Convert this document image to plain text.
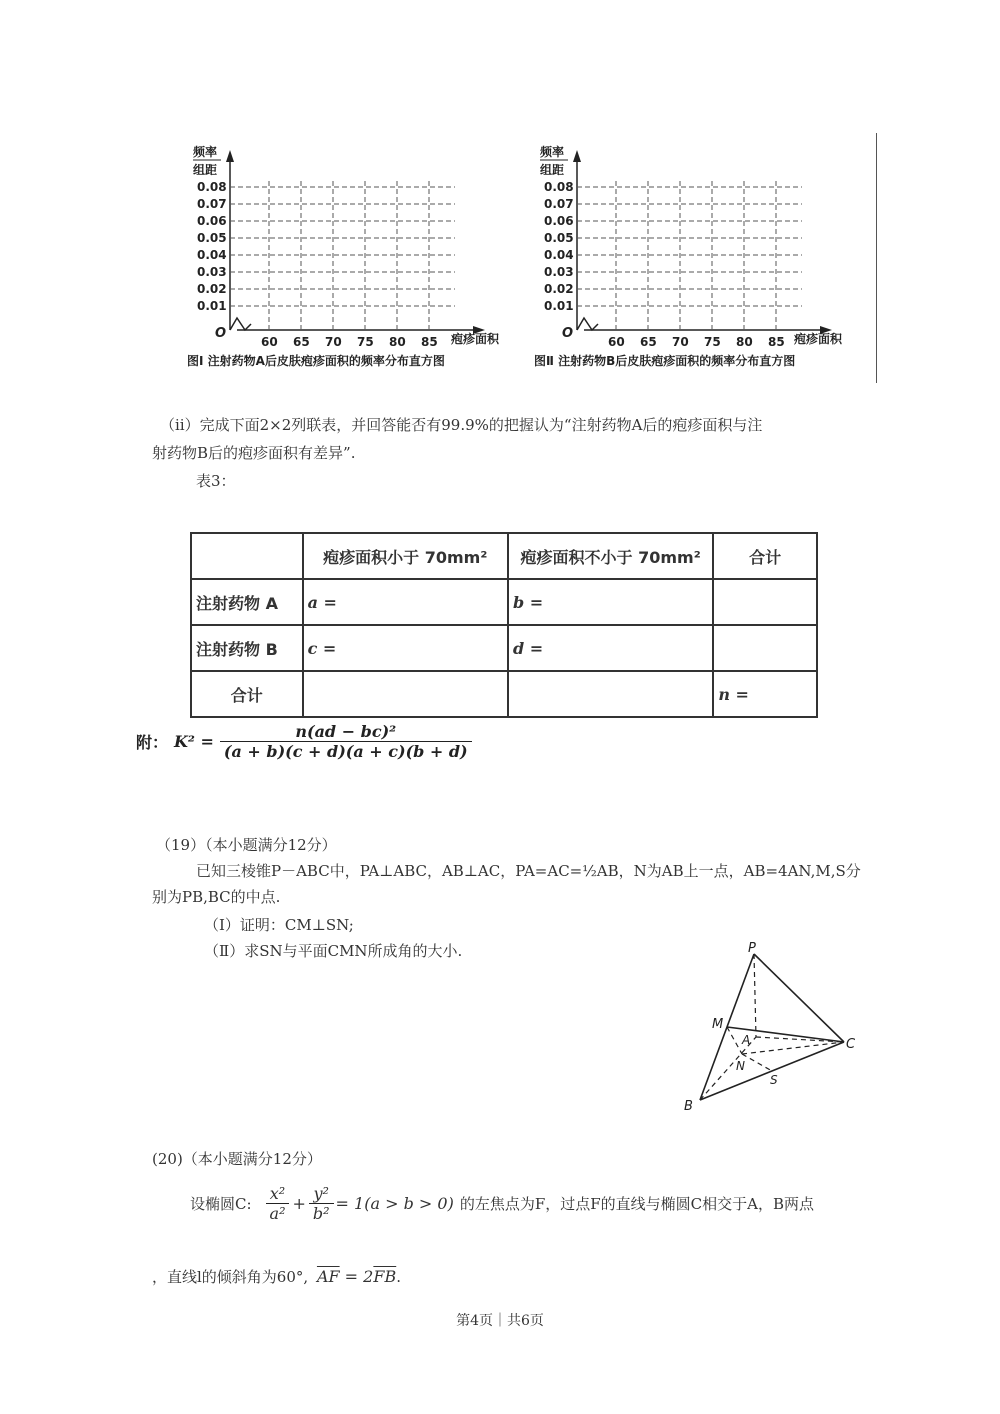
频率
组距
0.08
0.07
0.06
0.05
0.04
0.03
0.02
0.01
60 65 70 75 80 85
O	疱疹面积
图Ⅰ 注射药物A后皮肤疱疹面积的频率分布直方图
频率
组距
0.08
0.07
0.06
0.05
0.04
0.03
0.02
0.01
60 65 70 75 80 85
O	疱疹面积
图Ⅱ 注射药物B后皮肤疱疹面积的频率分布直方图
（ⅱ）完成下面2×2列联表，并回答能否有99.9%的把握认为“注射药物A后的疱疹面积与注
射药物B后的疱疹面积有差异”.
表3：
	疱疹面积小于 70mm²	疱疹面积不小于 70mm²	合计
注射药物 A	a =	b =	
注射药物 B	c =	d =	
合计			n =
附： $K^2 = \frac{\text{n(ad − bc)²}}{(a + b)(c + d)(a + c)(b + d)}$
（19）（本小题满分12分）
已知三棱锥P－ABC中，PA⊥ABC，AB⊥AC，PA=AC=½AB，N为AB上一点，AB=4AN,M,S分
别为PB,BC的中点.
（Ⅰ）证明：CM⊥SN;
（Ⅱ）求SN与平面CMN所成角的大小.	P
M
A
N
C
S
B
(20)（本小题满分12分）
设椭圆C: $\frac{\text{x²}}{\text{a²}} + \frac{\text{y²}}{\text{b²}} = 1(a > b > 0)$ 的左焦点为F，过点F的直线与椭圆C相交于A，B两点
，直线l的倾斜角为60°, $\overline{AF} = 2\overline{FB}$.
第4页｜共6页
